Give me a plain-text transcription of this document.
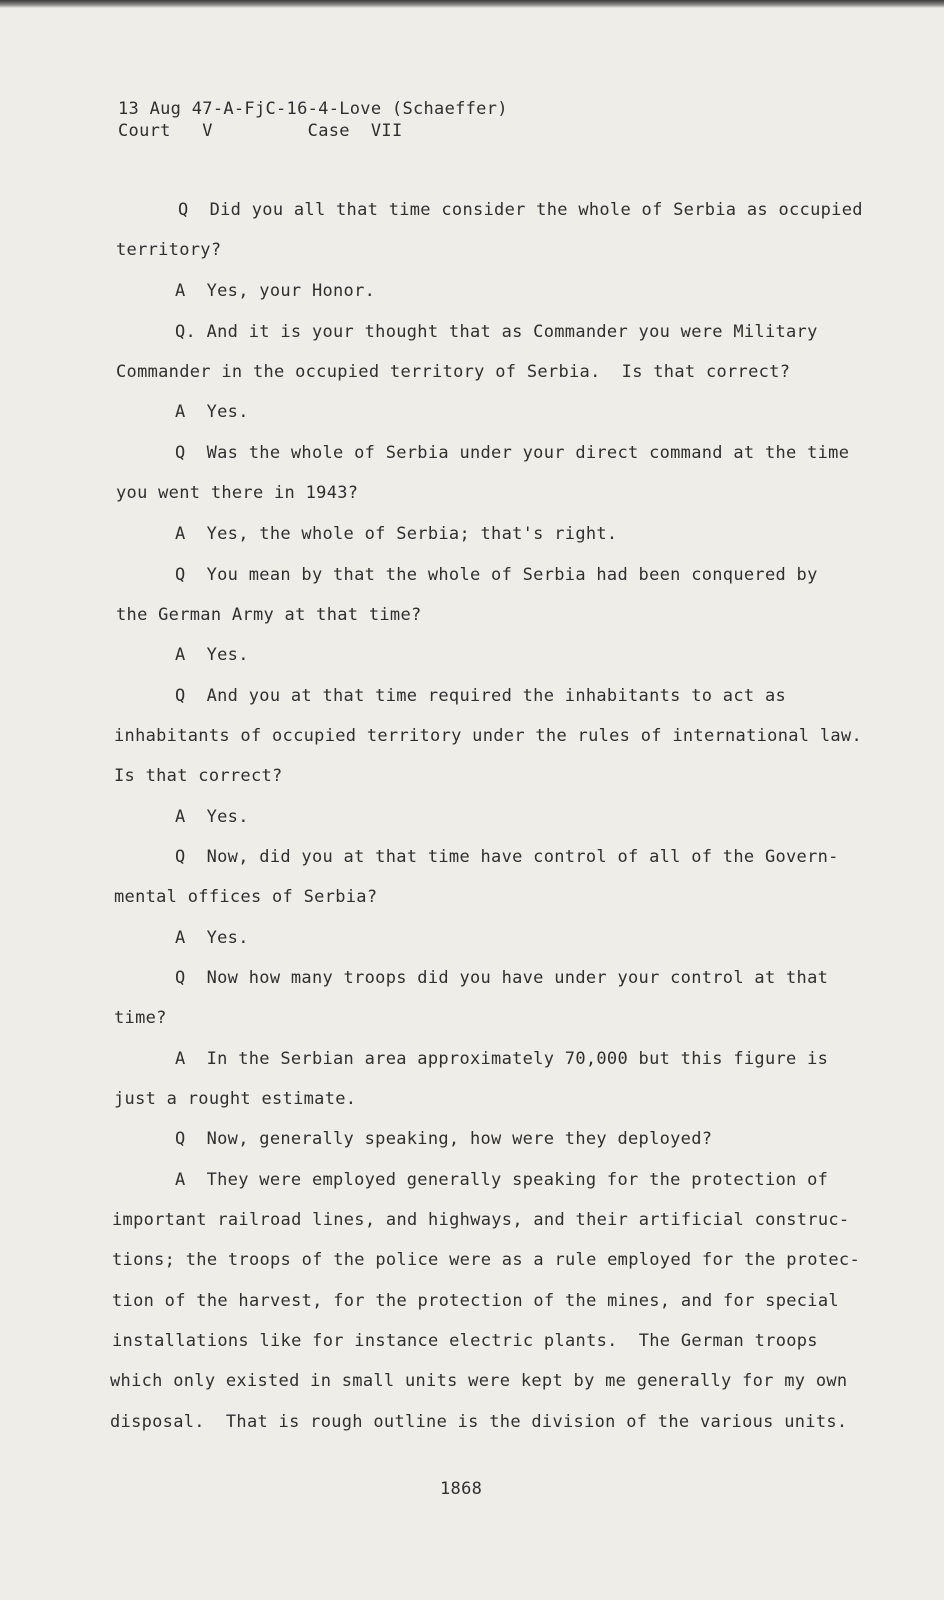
13 Aug 47-A-FjC-16-4-Love (Schaeffer)
Court V	Case VII
Q  Did you all that time consider the whole of Serbia as occupied
territory?
A  Yes, your Honor.
Q. And it is your thought that as Commander you were Military
Commander in the occupied territory of Serbia.  Is that correct?
A  Yes.
Q  Was the whole of Serbia under your direct command at the time
you went there in 1943?
A  Yes, the whole of Serbia; that's right.
Q  You mean by that the whole of Serbia had been conquered by
the German Army at that time?
A  Yes.
Q  And you at that time required the inhabitants to act as
inhabitants of occupied territory under the rules of international law.
Is that correct?
A  Yes.
Q  Now, did you at that time have control of all of the Govern-
mental offices of Serbia?
A  Yes.
Q  Now how many troops did you have under your control at that
time?
A  In the Serbian area approximately 70,000 but this figure is
just a rought estimate.
Q  Now, generally speaking, how were they deployed?
A  They were employed generally speaking for the protection of
important railroad lines, and highways, and their artificial construc-
tions; the troops of the police were as a rule employed for the protec-
tion of the harvest, for the protection of the mines, and for special
installations like for instance electric plants.  The German troops
which only existed in small units were kept by me generally for my own
disposal.  That is rough outline is the division of the various units.
1868
